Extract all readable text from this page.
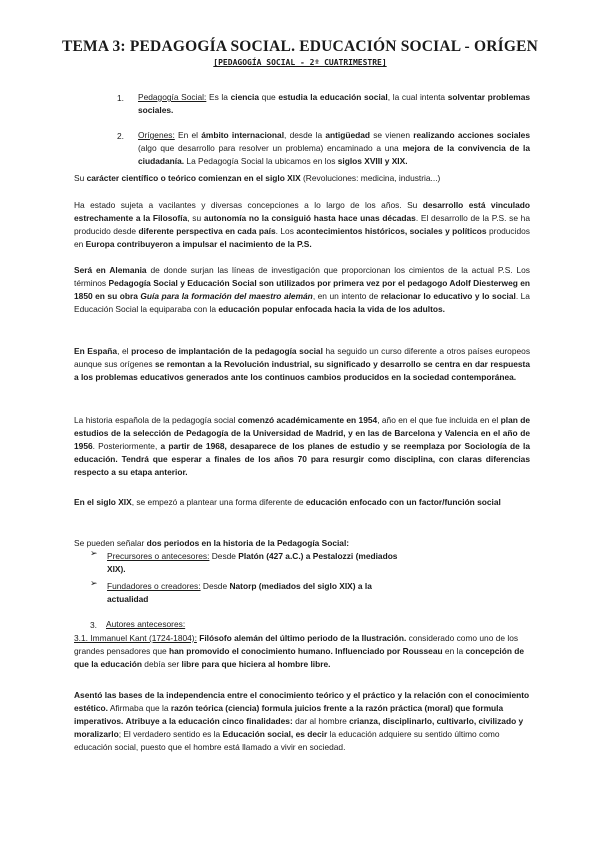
TEMA 3: PEDAGOGÍA SOCIAL. EDUCACIÓN SOCIAL - ORÍGEN
[PEDAGOGÍA SOCIAL - 2º CUATRIMESTRE]
1. Pedagogía Social: Es la ciencia que estudia la educación social, la cual intenta solventar problemas sociales.
2. Orígenes: En el ámbito internacional, desde la antigüedad se vienen realizando acciones sociales (algo que desarrollo para resolver un problema) encaminado a una mejora de la convivencia de la ciudadanía. La Pedagogía Social la ubicamos en los siglos XVIII y XIX.
Su carácter científico o teórico comienzan en el siglo XIX (Revoluciones: medicina, industria...)
Ha estado sujeta a vacilantes y diversas concepciones a lo largo de los años. Su desarrollo está vinculado estrechamente a la Filosofía, su autonomía no la consiguió hasta hace unas décadas. El desarrollo de la P.S. se ha producido desde diferente perspectiva en cada país. Los acontecimientos históricos, sociales y políticos producidos en Europa contribuyeron a impulsar el nacimiento de la P.S.
Será en Alemania de donde surjan las líneas de investigación que proporcionan los cimientos de la actual P.S. Los términos Pedagogía Social y Educación Social son utilizados por primera vez por el pedagogo Adolf Diesterweg en 1850 en su obra Guía para la formación del maestro alemán, en un intento de relacionar lo educativo y lo social. La Educación Social la equiparaba con la educación popular enfocada hacia la vida de los adultos.
En España, el proceso de implantación de la pedagogía social ha seguido un curso diferente a otros países europeos aunque sus orígenes se remontan a la Revolución industrial, su significado y desarrollo se centra en dar respuesta a los problemas educativos generados ante los continuos cambios producidos en la sociedad contemporánea.
La historia española de la pedagogía social comenzó académicamente en 1954, año en el que fue incluida en el plan de estudios de la selección de Pedagogía de la Universidad de Madrid, y en las de Barcelona y Valencia en el año de 1956. Posteriormente, a partir de 1968, desaparece de los planes de estudio y se reemplaza por Sociología de la educación. Tendrá que esperar a finales de los años 70 para resurgir como disciplina, con claras diferencias respecto a su etapa anterior.
En el siglo XIX, se empezó a plantear una forma diferente de educación enfocado con un factor/función social
Se pueden señalar dos periodos en la historia de la Pedagogía Social:
➢ Precursores o antecesores: Desde Platón (427 a.C.) a Pestalozzi (mediados XIX).
➢ Fundadores o creadores: Desde Natorp (mediados del siglo XIX) a la actualidad
3. Autores antecesores:
3.1. Immanuel Kant (1724-1804): Filósofo alemán del último periodo de la Ilustración. considerado como uno de los grandes pensadores que han promovido el conocimiento humano. Influenciado por Rousseau en la concepción de que la educación debía ser libre para que hiciera al hombre libre.
Asentó las bases de la independencia entre el conocimiento teórico y el práctico y la relación con el conocimiento estético. Afirmaba que la razón teórica (ciencia) formula juicios frente a la razón práctica (moral) que formula imperativos. Atribuye a la educación cinco finalidades: dar al hombre crianza, disciplinarlo, cultivarlo, civilizado y moralizarlo; El verdadero sentido es la Educación social, es decir la educación adquiere su sentido último como educación social, puesto que el hombre está llamado a vivir en sociedad.
